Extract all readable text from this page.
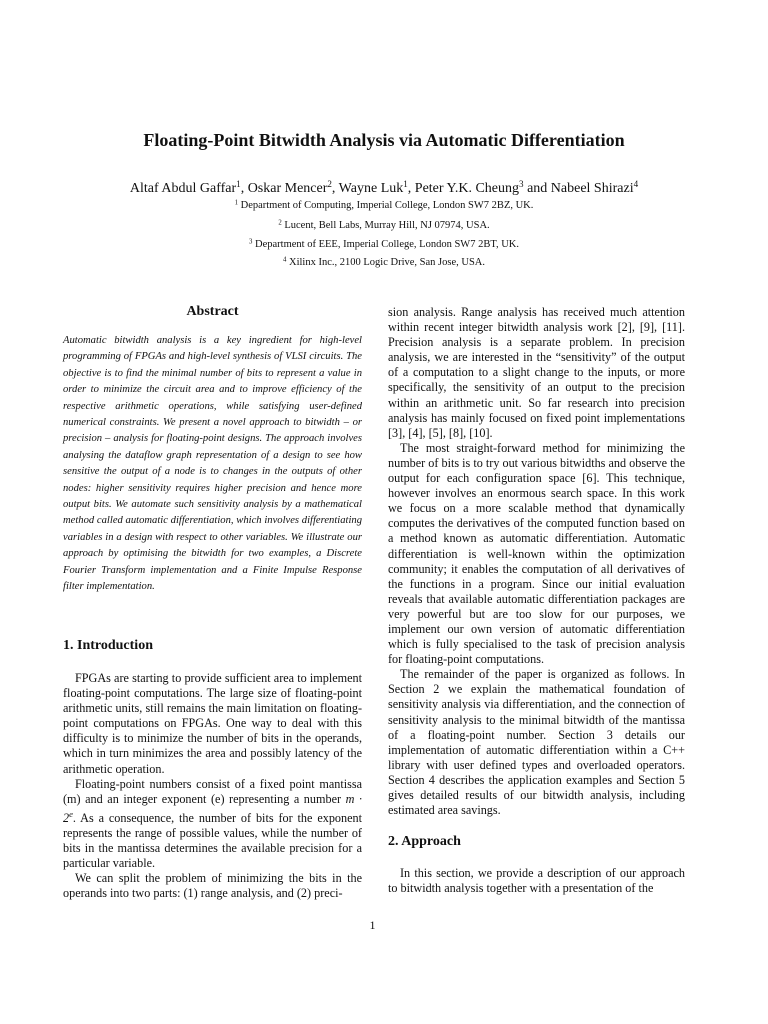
Floating-Point Bitwidth Analysis via Automatic Differentiation
Altaf Abdul Gaffar$^1$, Oskar Mencer$^2$, Wayne Luk$^1$, Peter Y.K. Cheung$^3$ and Nabeel Shirazi$^4$
$^1$ Department of Computing, Imperial College, London SW7 2BZ, UK.
$^2$ Lucent, Bell Labs, Murray Hill, NJ 07974, USA.
$^3$ Department of EEE, Imperial College, London SW7 2BT, UK.
$^4$ Xilinx Inc., 2100 Logic Drive, San Jose, USA.
Abstract
Automatic bitwidth analysis is a key ingredient for high-level programming of FPGAs and high-level synthesis of VLSI circuits. The objective is to find the minimal number of bits to represent a value in order to minimize the circuit area and to improve efficiency of the respective arithmetic operations, while satisfying user-defined numerical constraints. We present a novel approach to bitwidth – or precision – analysis for floating-point designs. The approach involves analysing the dataflow graph representation of a design to see how sensitive the output of a node is to changes in the outputs of other nodes: higher sensitivity requires higher precision and hence more output bits. We automate such sensitivity analysis by a mathematical method called automatic differentiation, which involves differentiating variables in a design with respect to other variables. We illustrate our approach by optimising the bitwidth for two examples, a Discrete Fourier Transform implementation and a Finite Impulse Response filter implementation.
1. Introduction

FPGAs are starting to provide sufficient area to implement floating-point computations. The large size of floating-point arithmetic units, still remains the main limitation on floating-point computations on FPGAs. One way to deal with this difficulty is to minimize the number of bits in the operands, which in turn minimizes the area and possibly latency of the arithmetic operation.

Floating-point numbers consist of a fixed point mantissa (m) and an integer exponent (e) representing a number $m \cdot 2^e$. As a consequence, the number of bits for the exponent represents the range of possible values, while the number of bits in the mantissa determines the available precision for a particular variable.

We can split the problem of minimizing the bits in the operands into two parts: (1) range analysis, and (2) preci-

sion analysis. Range analysis has received much attention within recent integer bitwidth analysis work [2], [9], [11]. Precision analysis is a separate problem. In precision analysis, we are interested in the “sensitivity” of the output of a computation to a slight change to the inputs, or more specifically, the sensitivity of an output to the precision within an arithmetic unit. So far research into precision analysis has mainly focused on fixed point implementations [3], [4], [5], [8], [10].

The most straight-forward method for minimizing the number of bits is to try out various bitwidths and observe the output for each configuration space [6]. This technique, however involves an enormous search space. In this work we focus on a more scalable method that dynamically computes the derivatives of the computed function based on a method known as automatic differentiation. Automatic differentiation is well-known within the optimization community; it enables the computation of all derivatives of the functions in a program. Since our initial evaluation reveals that available automatic differentiation packages are very powerful but are too slow for our purposes, we implement our own version of automatic differentiation which is fully specialised to the task of precision analysis for floating-point computations.

The remainder of the paper is organized as follows. In Section 2 we explain the mathematical foundation of sensitivity analysis via differentiation, and the connection of sensitivity analysis to the minimal bitwidth of the mantissa of a floating-point number. Section 3 details our implementation of automatic differentiation within a C++ library with user defined types and overloaded operators. Section 4 describes the application examples and Section 5 gives detailed results of our bitwidth analysis, including estimated area savings.

2. Approach

In this section, we provide a description of our approach to bitwidth analysis together with a presentation of the

1
